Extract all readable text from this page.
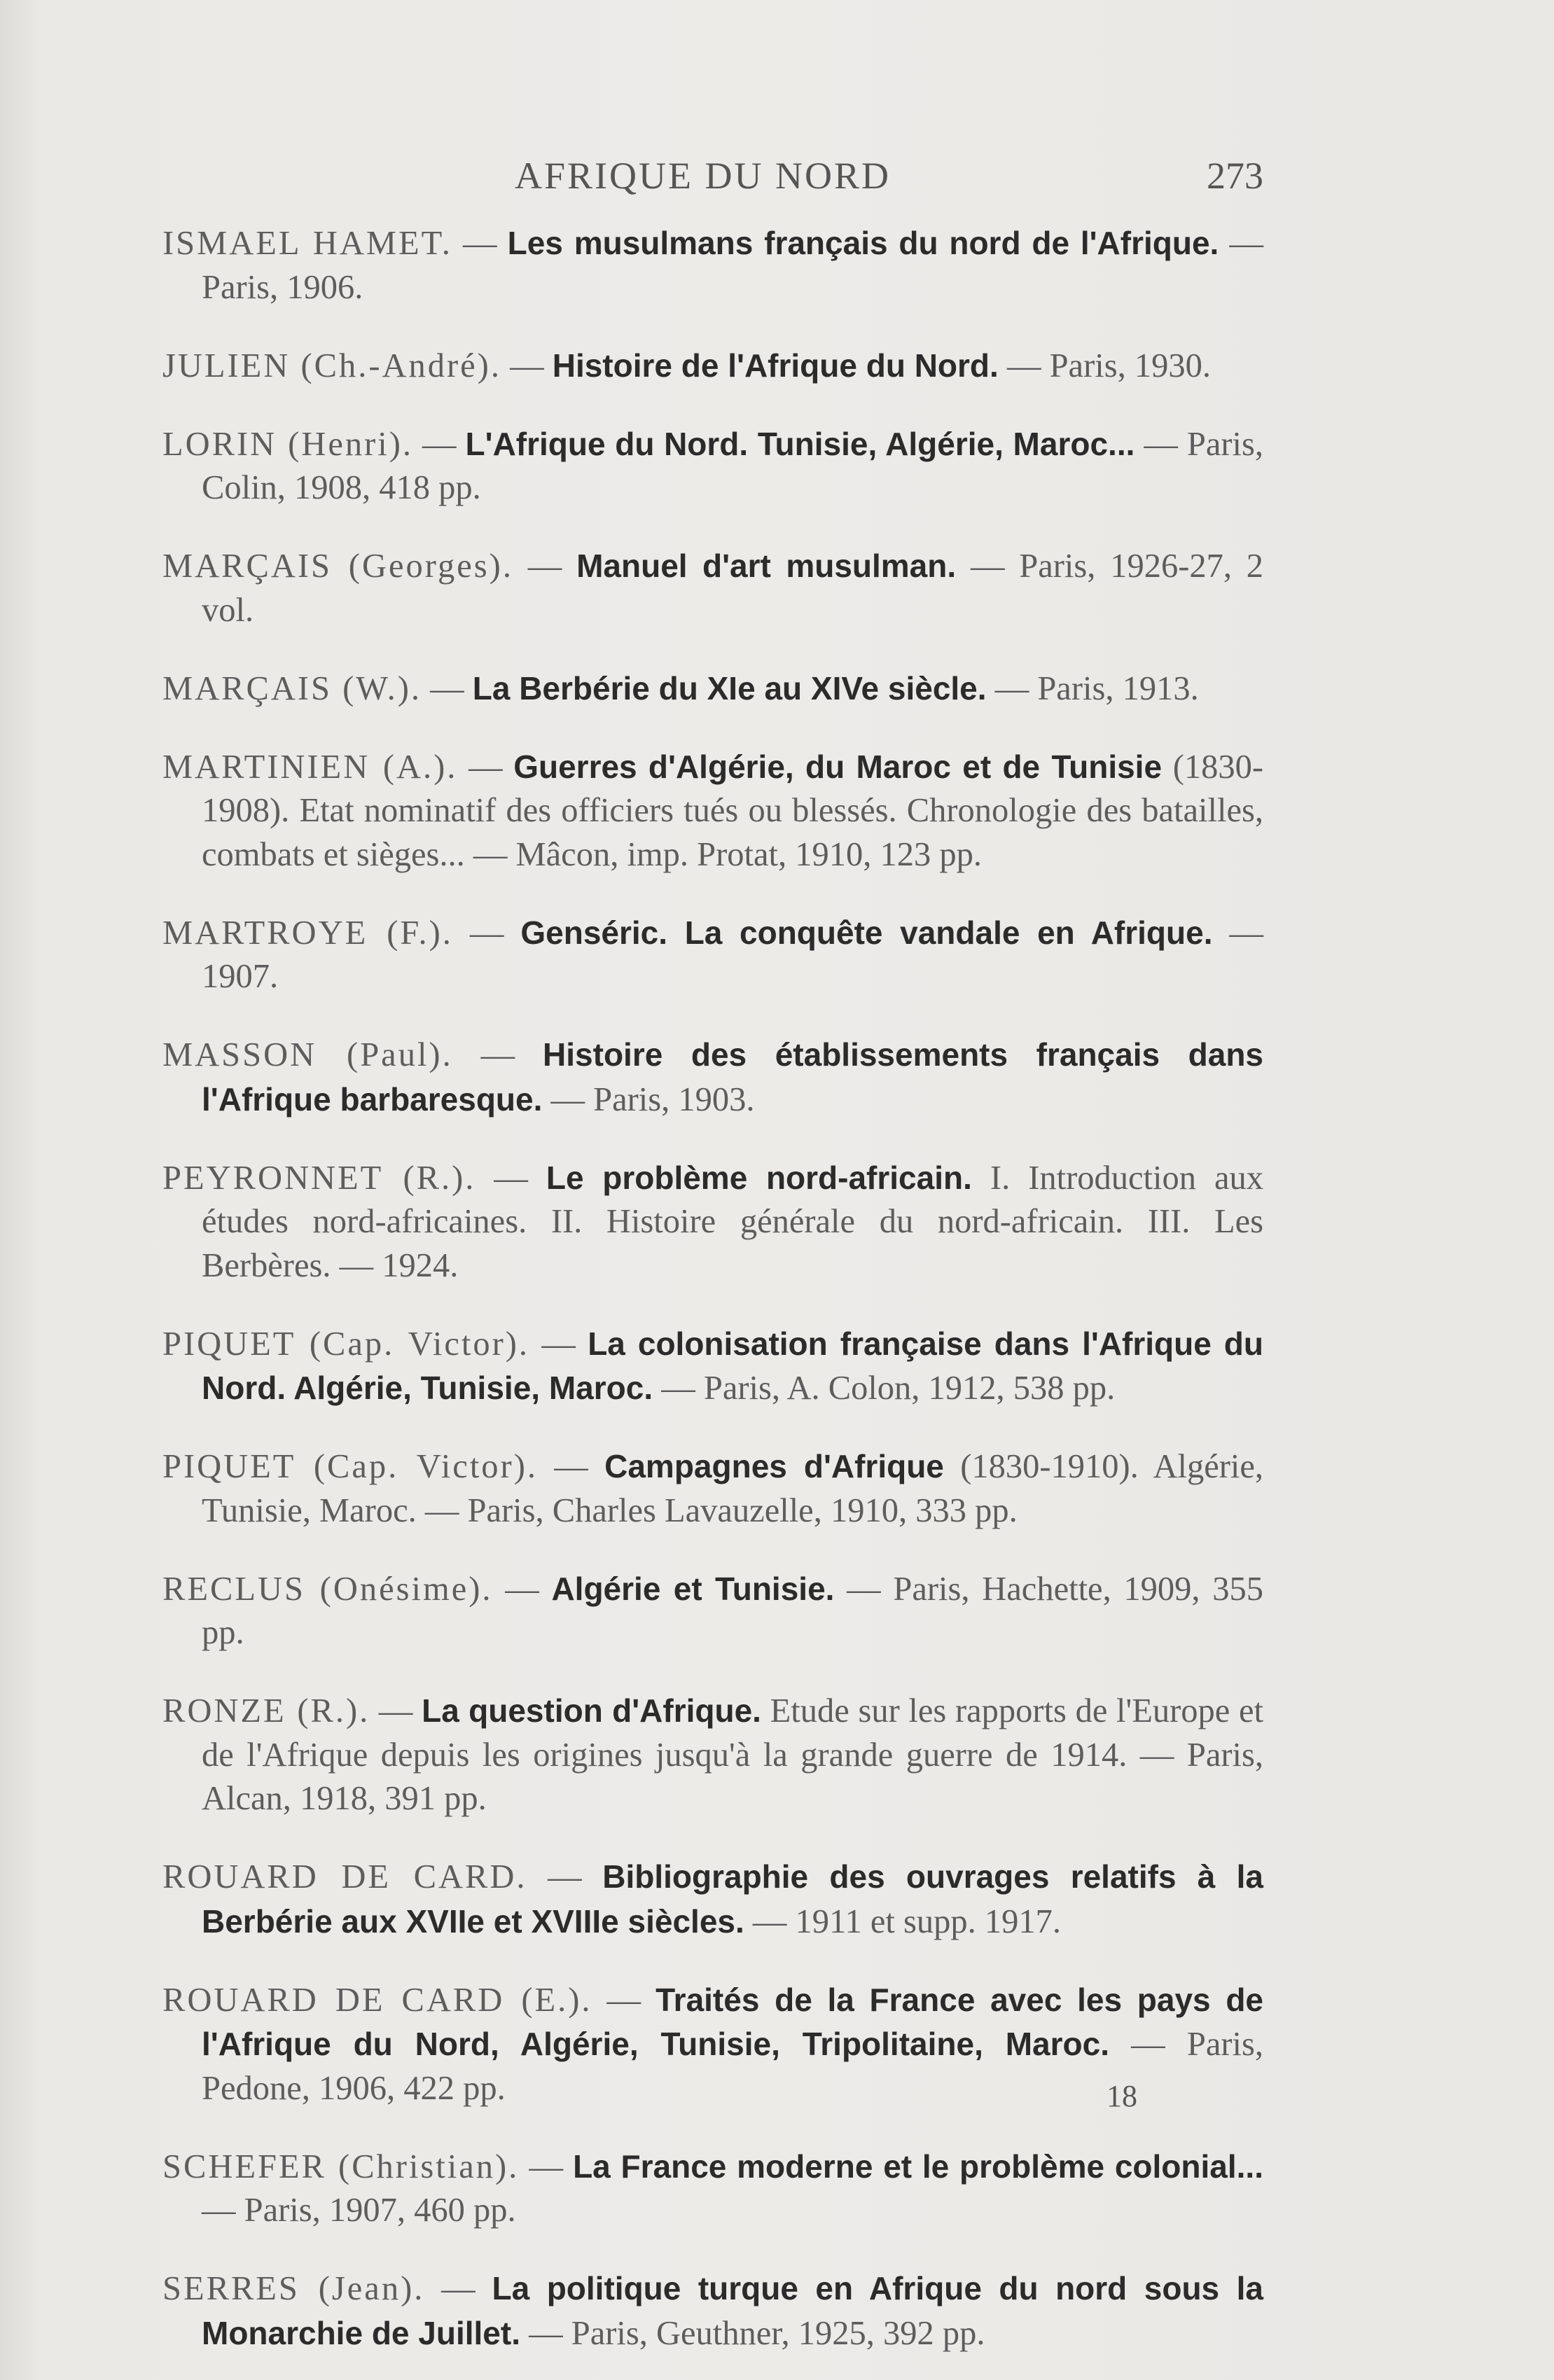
AFRIQUE DU NORD	273

ISMAEL HAMET. — Les musulmans français du nord de l'Afrique. — Paris, 1906.

JULIEN (Ch.-André). — Histoire de l'Afrique du Nord. — Paris, 1930.

LORIN (Henri). — L'Afrique du Nord. Tunisie, Algérie, Maroc... — Paris, Colin, 1908, 418 pp.

MARÇAIS (Georges). — Manuel d'art musulman. — Paris, 1926-27, 2 vol.

MARÇAIS (W.). — La Berbérie du XIe au XIVe siècle. — Paris, 1913.

MARTINIEN (A.). — Guerres d'Algérie, du Maroc et de Tunisie (1830-1908). Etat nominatif des officiers tués ou blessés. Chronologie des batailles, combats et sièges... — Mâcon, imp. Protat, 1910, 123 pp.

MARTROYE (F.). — Genséric. La conquête vandale en Afrique. — 1907.

MASSON (Paul). — Histoire des établissements français dans l'Afrique barbaresque. — Paris, 1903.

PEYRONNET (R.). — Le problème nord-africain. I. Introduction aux études nord-africaines. II. Histoire générale du nord-africain. III. Les Berbères. — 1924.

PIQUET (Cap. Victor). — La colonisation française dans l'Afrique du Nord. Algérie, Tunisie, Maroc. — Paris, A. Colon, 1912, 538 pp.

PIQUET (Cap. Victor). — Campagnes d'Afrique (1830-1910). Algérie, Tunisie, Maroc. — Paris, Charles Lavauzelle, 1910, 333 pp.

RECLUS (Onésime). — Algérie et Tunisie. — Paris, Hachette, 1909, 355 pp.

RONZE (R.). — La question d'Afrique. Etude sur les rapports de l'Europe et de l'Afrique depuis les origines jusqu'à la grande guerre de 1914. — Paris, Alcan, 1918, 391 pp.

ROUARD DE CARD. — Bibliographie des ouvrages relatifs à la Berbérie aux XVIIe et XVIIIe siècles. — 1911 et supp. 1917.

ROUARD DE CARD (E.). — Traités de la France avec les pays de l'Afrique du Nord, Algérie, Tunisie, Tripolitaine, Maroc. — Paris, Pedone, 1906, 422 pp.

SCHEFER (Christian). — La France moderne et le problème colonial... — Paris, 1907, 460 pp.

SERRES (Jean). — La politique turque en Afrique du nord sous la Monarchie de Juillet. — Paris, Geuthner, 1925, 392 pp.

18
